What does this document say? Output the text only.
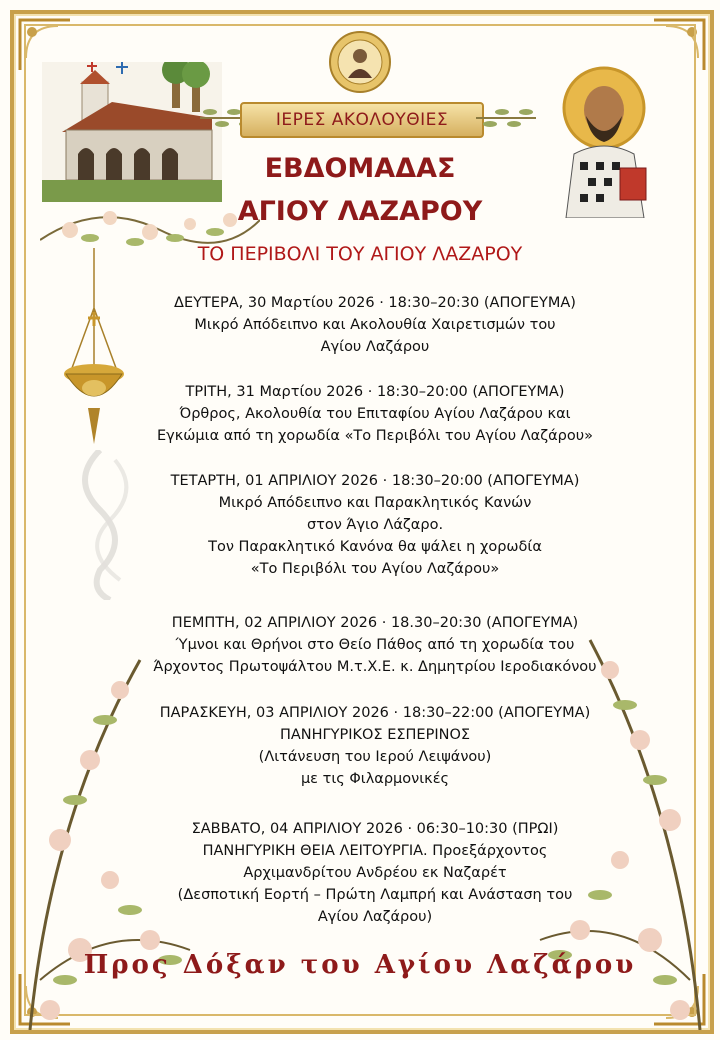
ΙΕΡΕΣ ΑΚΟΛΟΥΘΙΕΣ
ΕΒΔΟΜΑΔΑΣ
ΑΓΙΟΥ ΛΑΖΑΡΟΥ
ΤΟ ΠΕΡΙΒΟΛΙ ΤΟΥ ΑΓΙΟΥ ΛΑΖΑΡΟΥ
ΔΕΥΤΕΡΑ, 30 Μαρτίου 2026 · 18:30–20:30 (ΑΠΟΓΕΥΜΑ)
Μικρό Απόδειπνο και Ακολουθία Χαιρετισμών του
Αγίου Λαζάρου
ΤΡΙΤΗ, 31 Μαρτίου 2026 · 18:30–20:00 (ΑΠΟΓΕΥΜΑ)
Όρθρος, Ακολουθία του Επιταφίου Αγίου Λαζάρου και
Εγκώμια από τη χορωδία «Το Περιβόλι του Αγίου Λαζάρου»
ΤΕΤΑΡΤΗ, 01 ΑΠΡΙΛΙΟΥ 2026 · 18:30–20:00 (ΑΠΟΓΕΥΜΑ)
Μικρό Απόδειπνο και Παρακλητικός Κανών
στον Άγιο Λάζαρο.
Τον Παρακλητικό Κανόνα θα ψάλει η χορωδία
«Το Περιβόλι του Αγίου Λαζάρου»
ΠΕΜΠΤΗ, 02 ΑΠΡΙΛΙΟΥ 2026 · 18.30–20:30 (ΑΠΟΓΕΥΜΑ)
Ύμνοι και Θρήνοι στο Θείο Πάθος από τη χορωδία του
Άρχοντος Πρωτοψάλτου Μ.τ.Χ.Ε. κ. Δημητρίου Ιεροδιακόνου
ΠΑΡΑΣΚΕΥΗ, 03 ΑΠΡΙΛΙΟΥ 2026 · 18:30–22:00 (ΑΠΟΓΕΥΜΑ)
ΠΑΝΗΓΥΡΙΚΟΣ ΕΣΠΕΡΙΝΟΣ
(Λιτάνευση του Ιερού Λειψάνου)
με τις Φιλαρμονικές
ΣΑΒΒΑΤΟ, 04 ΑΠΡΙΛΙΟΥ 2026 · 06:30–10:30 (ΠΡΩΙ)
ΠΑΝΗΓΥΡΙΚΗ ΘΕΙΑ ΛΕΙΤΟΥΡΓΙΑ. Προεξάρχοντος
Αρχιμανδρίτου Ανδρέου εκ Ναζαρέτ
(Δεσποτική Εορτή – Πρώτη Λαμπρή και Ανάσταση του
Αγίου Λαζάρου)
Προς Δόξαν του Αγίου Λαζάρου
